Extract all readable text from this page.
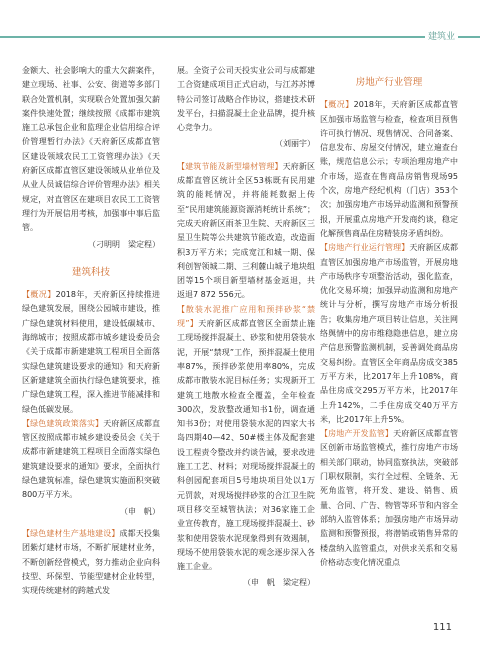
建筑业

金额大、社会影响大的重大欠薪案件，建立现场、社事、公安、街道等多部门联合处置机制，实现联合处置加强欠薪案件快速处置；继续按照《成都市建筑施工总承包企业和监理企业信用综合评价管理暂行办法》《天府新区成都直管区建设领域农民工工资管理办法》《天府新区成都直管区建设领域从业单位及从业人员诚信综合评价管理办法》相关规定，对直管区在建项目农民工工资管理行为开展信用考核，加强事中事后监管。

（刁明明　梁定程）
建筑科技

【概况】2018年，天府新区持续推进绿色建筑发展，围绕公园城市建设，推广绿色建筑材料使用，建设低碳城市、海绵城市；按照成都市城乡建设委员会《关于成都市新建建筑工程项目全面落实绿色建筑建设要求的通知》和天府新区新建建筑全面执行绿色建筑要求，推广绿色建筑工程，深入推进节能减排和绿色低碳发展。

【绿色建筑政策落实】天府新区成都直管区按照成都市城乡建设委员会《关于成都市新建建筑工程项目全面落实绿色建筑建设要求的通知》要求，全面执行绿色建筑标准，绿色建筑实施面积突破800万平方米。

（申　帆）

【绿色建材生产基地建设】成都天投集团紫灯建材市场，不断扩展建材业务，不断创新经营模式，努力推动企业向科技型、环保型、节能型建材企业转型，实现传统建材的跨越式发

展。全资子公司天投实业公司与成都建工合资建成项目正式启动，与江苏苏博特公司签订战略合作协议，搭建技术研发平台，扫描混凝土企业品牌，提升核心竞争力。

（刘丽宇）

【建筑节能及新型墙材管理】天府新区成都直管区统计全区53栋既有民用建筑的能耗情况，并将能耗数据上传至“民用建筑能源资源消耗统计系统”；完成天府新区雨茶卫生院、天府新区三星卫生院等公共建筑节能改造，改造面积3万平方米；完成宽江和城一期、保利创智领城二期、三利麓山城子地块组团等15个项目新型墙材基金返退，共返退7 872 556元。

【散装水泥推广应用和预拌砂浆“禁现”】天府新区成都直管区全面禁止施工现场搅拌混凝土、砂浆和使用袋装水泥，开展“禁现”工作，预拌混凝土使用率87%，预拌砂浆使用率80%，完成成都市散装水泥目标任务；实现新开工建筑工地散水检查全覆盖，全年检查300次，发放整改通知书1份，调查通知书3份；对使用袋装水泥的四家大书岛四期40—42、50#楼主体及配套建设工程责令整改并约谈告诫，要求改进施工工艺、材料；对现场搅拌混凝土的科创园配套项目5号地块项目处以1万元罚款，对现场搅拌砂浆的合江卫生院项目移交至城管执法；对36家施工企业宣传教育，施工现场搅拌混凝土、砂浆和使用袋装水泥现象得到有效遏制，现场不使用袋装水泥的观念逐步深入各施工企业。

（申　帆　梁定程）
房地产行业管理

【概况】2018年，天府新区成都直管区加强市场监管与检查，检查项目预售许可执行情况、现售情况、合同备案、信息发布、房屋交付情况，建立遍查台账，规范信息公示；专项治理房地产中介市场，巡查在售商品房销售现场95个次，房地产经纪机构（门店）353个次；加强房地产市场异动监测和预警预报，开展重点房地产开发商约谈，稳定化解预售商品住房精装房矛盾纠纷。

【房地产行业运行管理】天府新区成都直管区加强房地产市场监管，开展房地产市场秩序专项整治活动，强化监查，优化交易环境；加强异动监测和房地产统计与分析，撰写房地产市场分析报告；收集房地产项目转让信息，关注网络舆情中的房市维稳隐患信息，建立房产信息预警监测机制，妥善调处商品房交易纠纷。直管区全年商品房成交385万平方米，比2017年上升108%，商品住房成交295万平方米，比2017年上升142%，二手住房成交40万平方米，比2017年上升5%。

【房地产开发监管】天府新区成都直管区创新市场监管模式，推行房地产市场相关部门联动，协同监察执法，突破部门职权限制，实行全过程、全链条、无死角监管，将开发、建设、销售、质量、合同、广告、物管等环节和内容全部纳入监管体系；加强房地产市场异动监测和预警预报，将潜销或销售异常的楼盘纳入监管重点，对供求关系和交易价格动态变化情况重点

111
